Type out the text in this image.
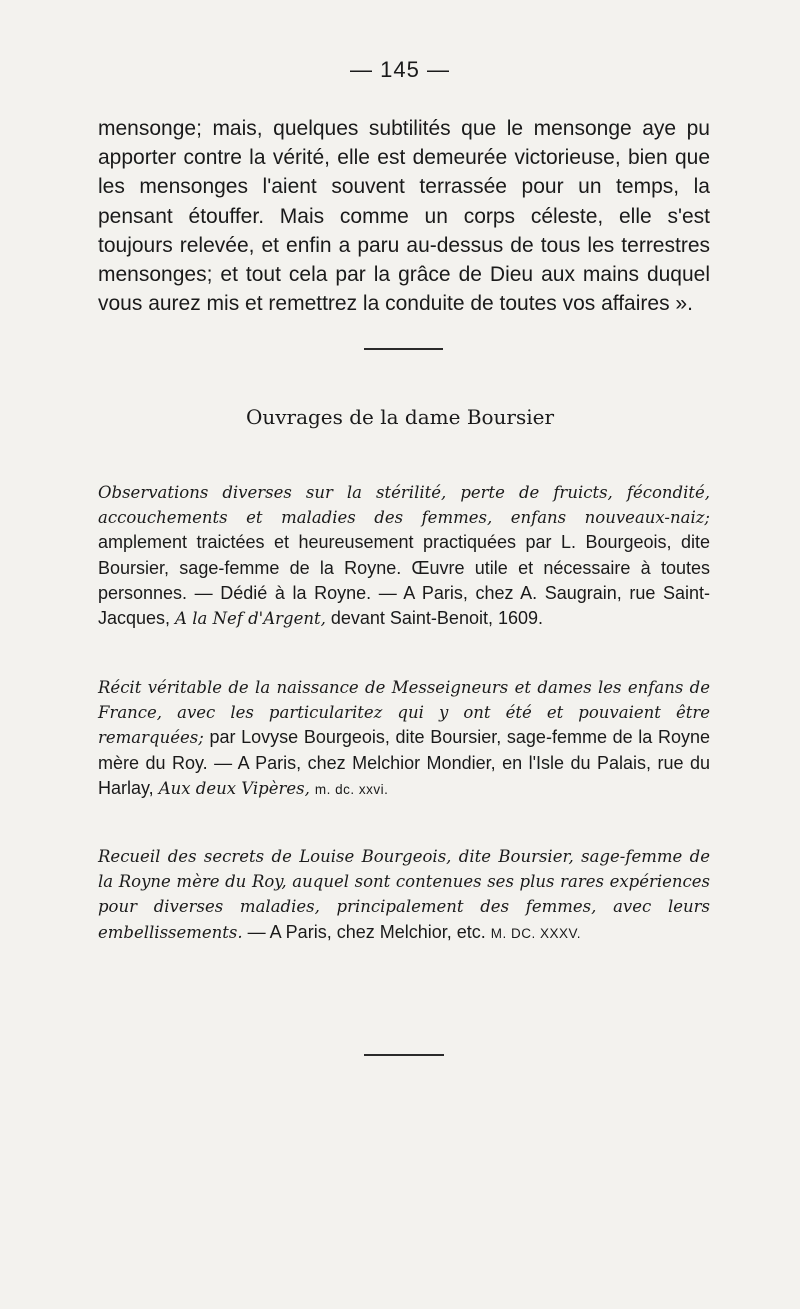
— 145 —

mensonge; mais, quelques subtilités que le mensonge aye pu apporter contre la vérité, elle est demeurée victorieuse, bien que les mensonges l'aient souvent terrassée pour un temps, la pensant étouffer. Mais comme un corps céleste, elle s'est toujours relevée, et enfin a paru au-dessus de tous les terrestres mensonges; et tout cela par la grâce de Dieu aux mains duquel vous aurez mis et remettrez la conduite de toutes vos affaires ».

Ouvrages de la dame Boursier

Observations diverses sur la stérilité, perte de fruicts, fécondité, accouchements et maladies des femmes, enfans nouveaux-naiz; amplement traictées et heureusement practiquées par L. Bourgeois, dite Boursier, sage-femme de la Royne. Œuvre utile et nécessaire à toutes personnes. — Dédié à la Royne. — A Paris, chez A. Saugrain, rue Saint-Jacques, A la Nef d'Argent, devant Saint-Benoit, 1609.

Récit véritable de la naissance de Messeigneurs et dames les enfans de France, avec les particularitez qui y ont été et pouvaient être remarquées; par Lovyse Bourgeois, dite Boursier, sage-femme de la Royne mère du Roy. — A Paris, chez Melchior Mondier, en l'Isle du Palais, rue du Harlay, Aux deux Vipères, m. dc. xxvi.

Recueil des secrets de Louise Bourgeois, dite Boursier, sage-femme de la Royne mère du Roy, auquel sont contenues ses plus rares expériences pour diverses maladies, principalement des femmes, avec leurs embellissements. — A Paris, chez Melchior, etc. M. DC. XXXV.
